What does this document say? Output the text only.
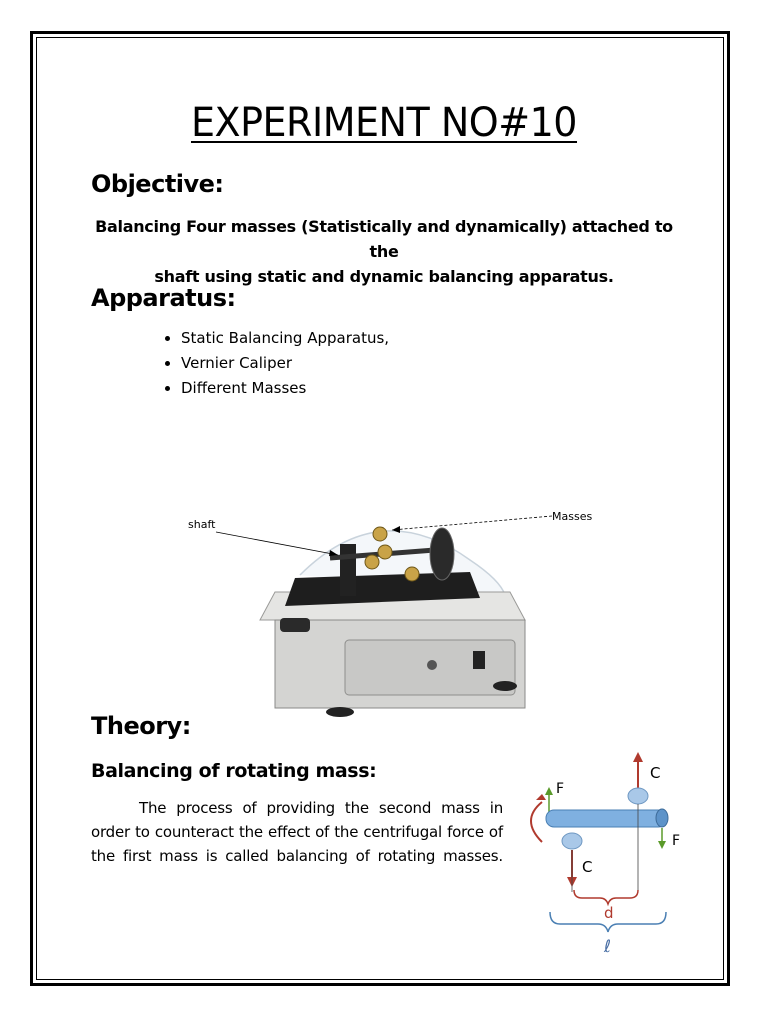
EXPERIMENT NO#10
Objective:
Balancing Four masses (Statistically and dynamically) attached to the
shaft using static and dynamic balancing apparatus.
Apparatus:
• Static Balancing Apparatus,
• Vernier Caliper
• Different Masses
shaft
Masses
Theory:
Balancing of rotating mass:
The process of providing the second mass in order to counteract the effect of the centrifugal force of the first mass is called balancing of rotating masses.
C
F
F
C
d
ℓ
